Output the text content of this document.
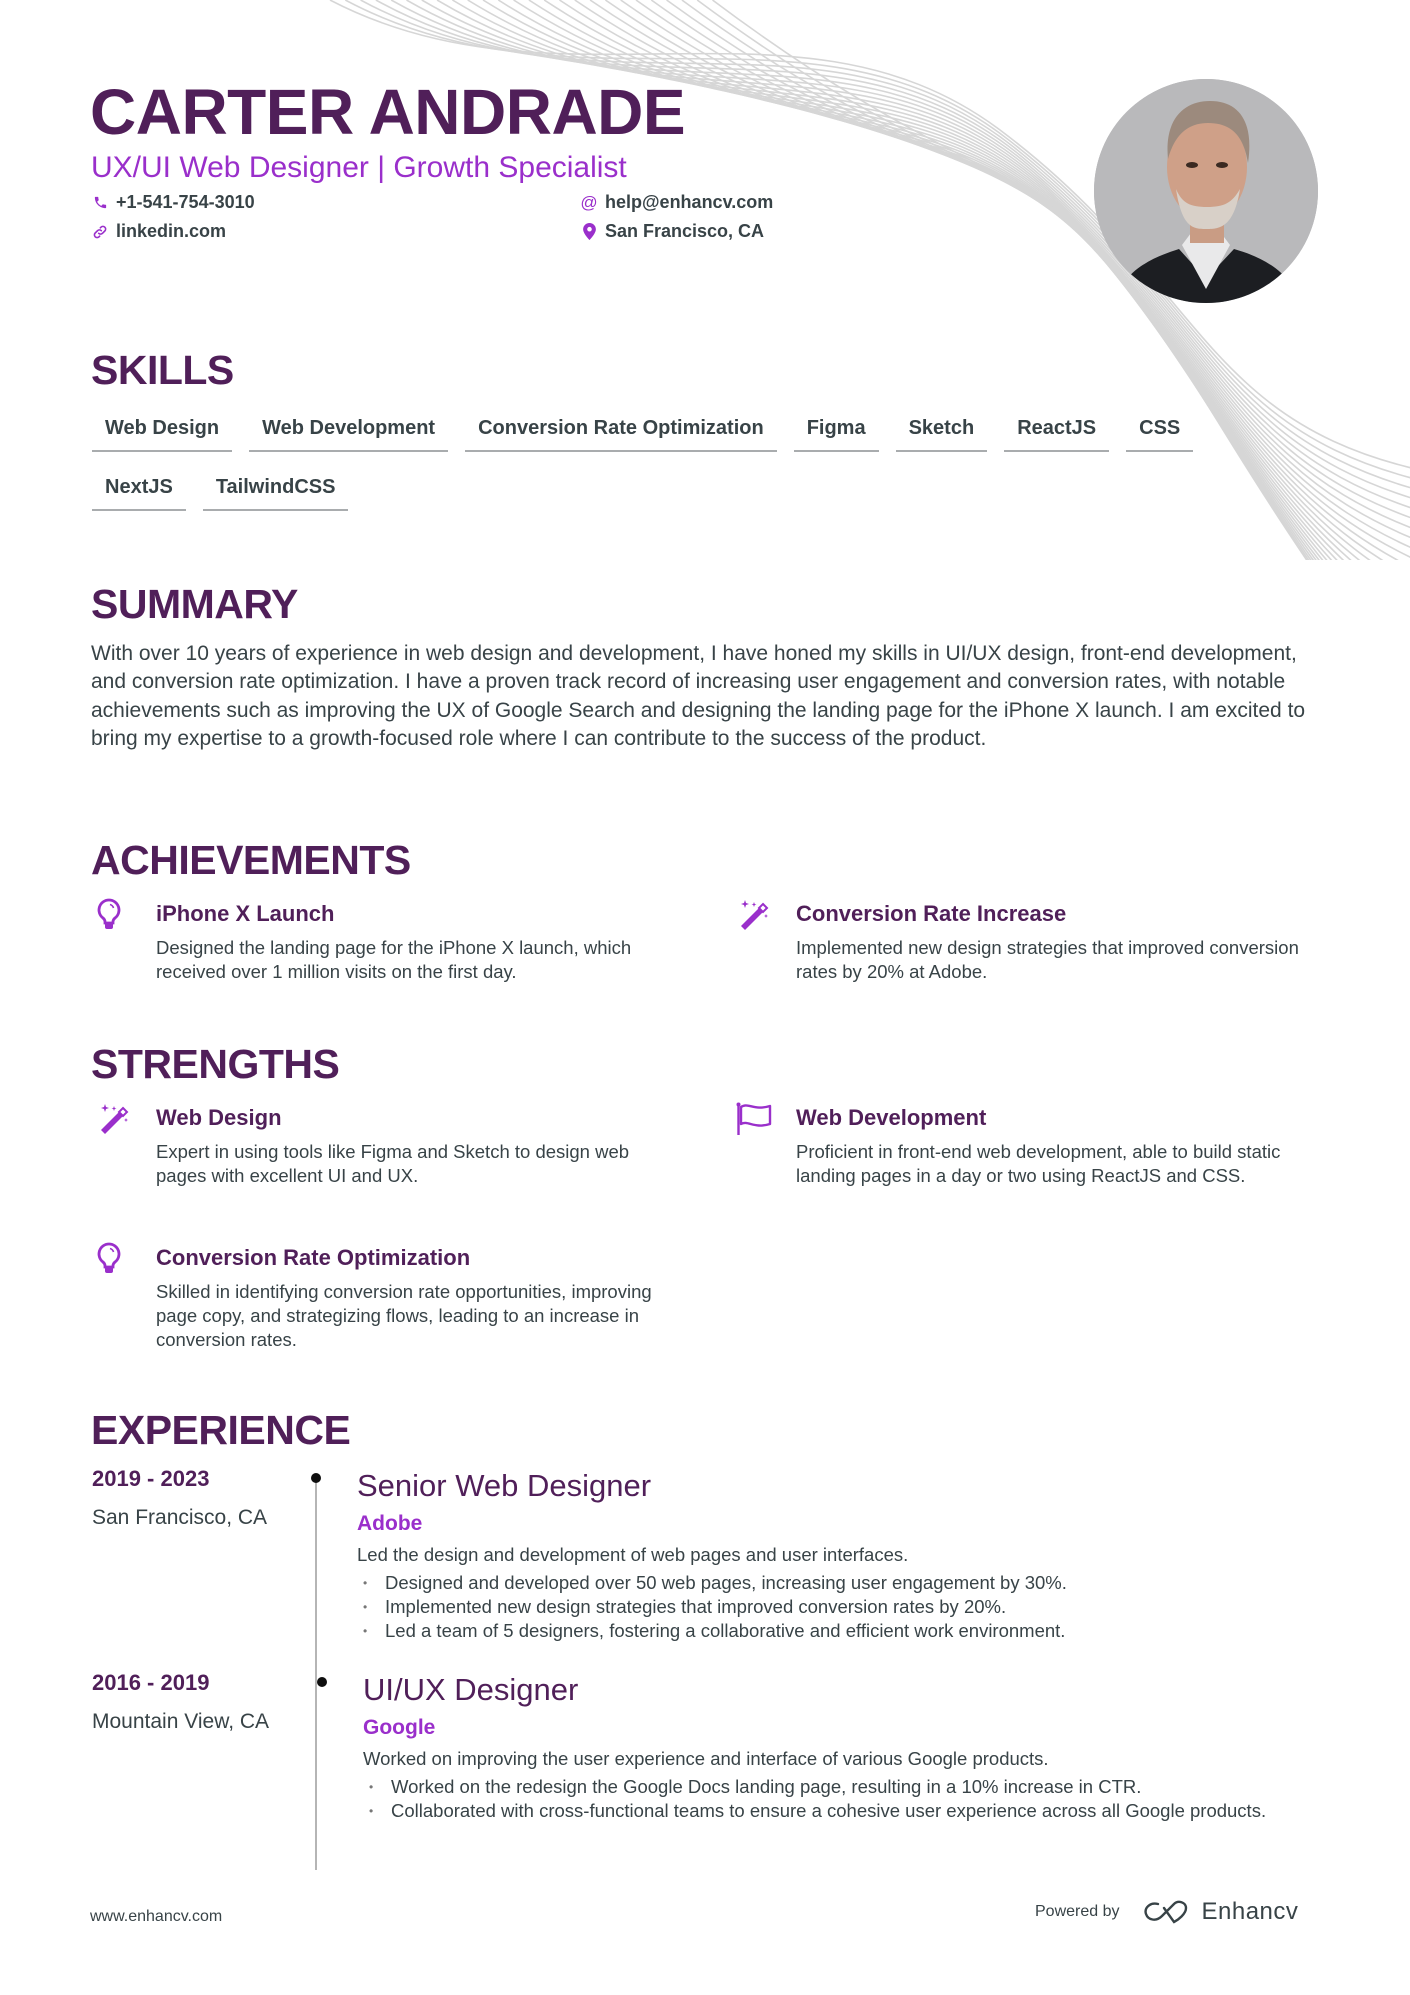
CARTER ANDRADE
UX/UI Web Designer | Growth Specialist
+1-541-754-3010
linkedin.com
@ help@enhancv.com
San Francisco, CA
SKILLS
Web Design	Web Development	Conversion Rate Optimization	Figma	Sketch	ReactJS	CSS
NextJS	TailwindCSS
SUMMARY
With over 10 years of experience in web design and development, I have honed my skills in UI/UX design, front-end development, and conversion rate optimization. I have a proven track record of increasing user engagement and conversion rates, with notable achievements such as improving the UX of Google Search and designing the landing page for the iPhone X launch. I am excited to bring my expertise to a growth-focused role where I can contribute to the success of the product.
ACHIEVEMENTS
iPhone X Launch
Designed the landing page for the iPhone X launch, which received over 1 million visits on the first day.
Conversion Rate Increase
Implemented new design strategies that improved conversion rates by 20% at Adobe.
STRENGTHS
Web Design
Expert in using tools like Figma and Sketch to design web pages with excellent UI and UX.
Web Development
Proficient in front-end web development, able to build static landing pages in a day or two using ReactJS and CSS.
Conversion Rate Optimization
Skilled in identifying conversion rate opportunities, improving page copy, and strategizing flows, leading to an increase in conversion rates.
EXPERIENCE
2019 - 2023
San Francisco, CA
Senior Web Designer
Adobe
Led the design and development of web pages and user interfaces.
• Designed and developed over 50 web pages, increasing user engagement by 30%.
• Implemented new design strategies that improved conversion rates by 20%.
• Led a team of 5 designers, fostering a collaborative and efficient work environment.
2016 - 2019
Mountain View, CA
UI/UX Designer
Google
Worked on improving the user experience and interface of various Google products.
• Worked on the redesign the Google Docs landing page, resulting in a 10% increase in CTR.
• Collaborated with cross-functional teams to ensure a cohesive user experience across all Google products.
www.enhancv.com	Powered by	Enhancv
